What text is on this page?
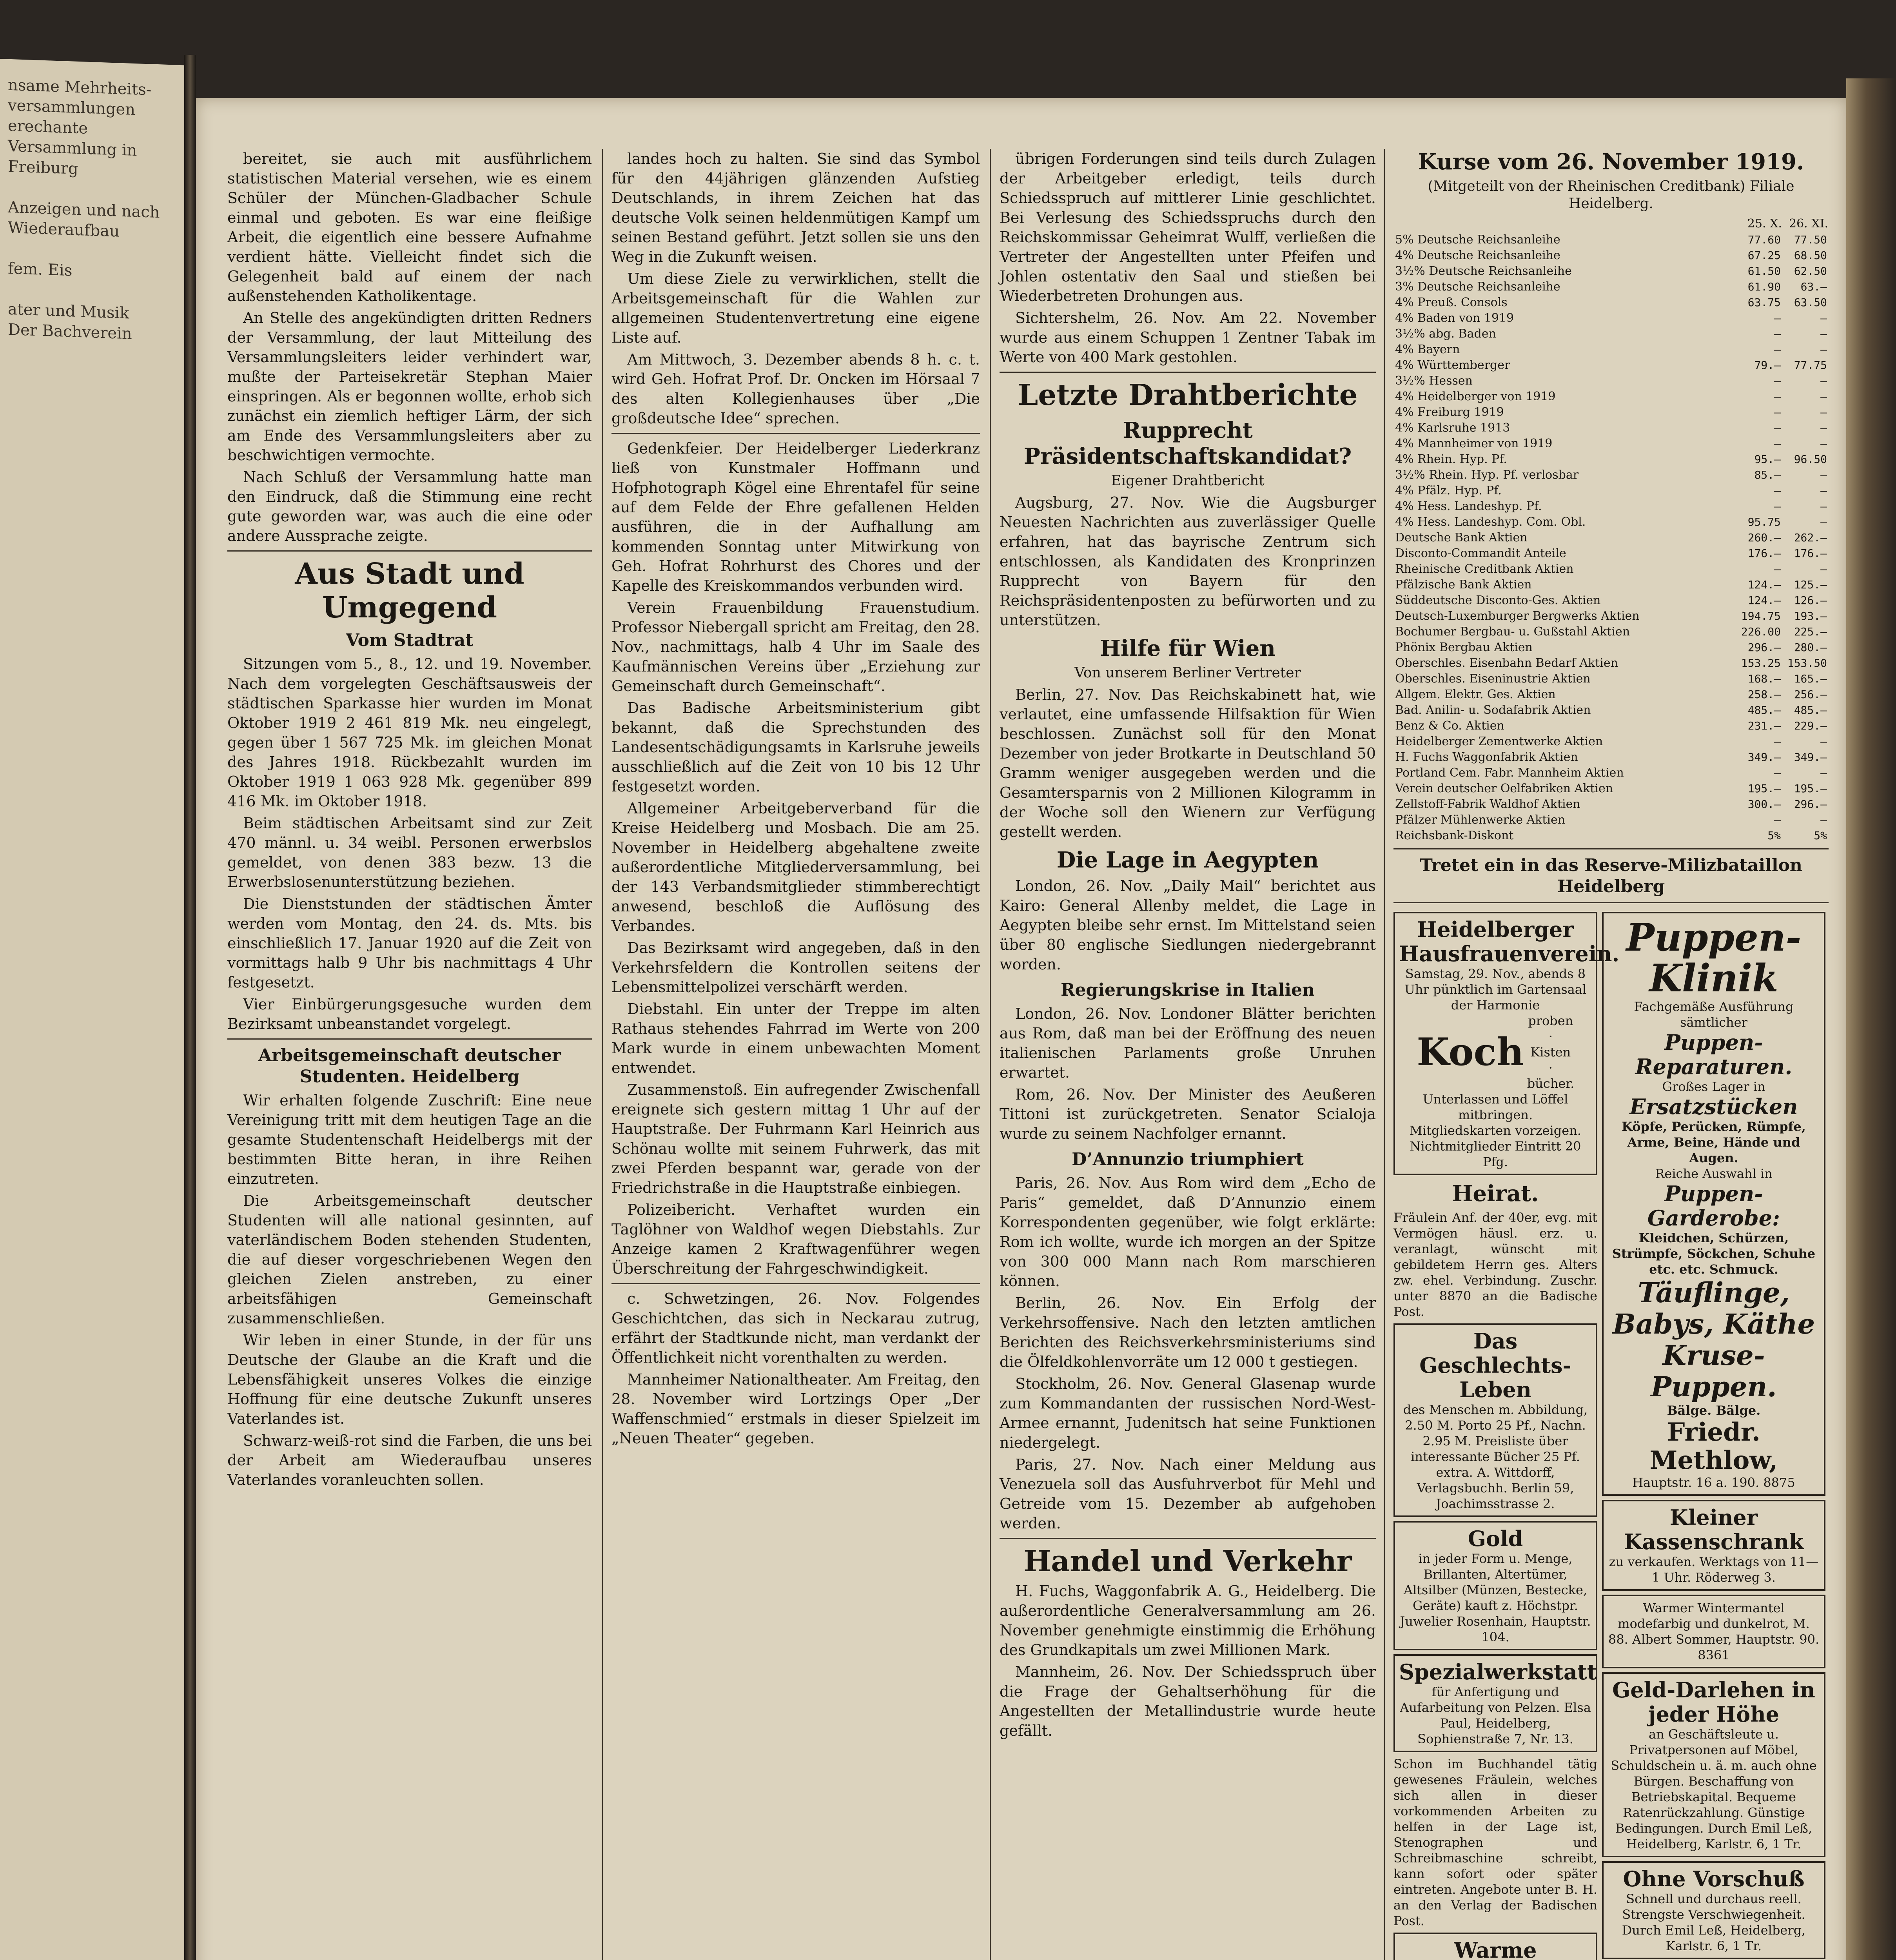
nsame Mehrheits-
versammlungen
erechante Versammlung in Freiburg

Anzeigen und nach
Wiederaufbau

fem. Eis

ater und Musik
Der Bachverein

bereitet, sie auch mit ausführlichem statistischen Material versehen, wie es einem Schüler der München-Gladbacher Schule einmal und geboten. Es war eine fleißige Arbeit, die eigentlich eine bessere Aufnahme verdient hätte. Vielleicht findet sich die Gelegenheit bald auf einem der nach außenstehenden Katholikentage.

An Stelle des angekündigten dritten Redners der Versammlung, der laut Mitteilung des Versammlungsleiters leider verhindert war, mußte der Parteisekretär Stephan Maier einspringen. Als er begonnen wollte, erhob sich zunächst ein ziemlich heftiger Lärm, der sich am Ende des Versammlungsleiters aber zu beschwichtigen vermochte.

Nach Schluß der Versammlung hatte man den Eindruck, daß die Stimmung eine recht gute geworden war, was auch die eine oder andere Aussprache zeigte.

Aus Stadt und Umgegend
Vom Stadtrat

Sitzungen vom 5., 8., 12. und 19. November. Nach dem vorgelegten Geschäftsausweis der städtischen Sparkasse hier wurden im Monat Oktober 1919 2 461 819 Mk. neu eingelegt, gegen über 1 567 725 Mk. im gleichen Monat des Jahres 1918. Rückbezahlt wurden im Oktober 1919 1 063 928 Mk. gegenüber 899 416 Mk. im Oktober 1918.

Beim städtischen Arbeitsamt sind zur Zeit 470 männl. u. 34 weibl. Personen erwerbslos gemeldet, von denen 383 bezw. 13 die Erwerbslosenunterstützung beziehen.

Die Dienststunden der städtischen Ämter werden vom Montag, den 24. ds. Mts. bis einschließlich 17. Januar 1920 auf die Zeit von vormittags halb 9 Uhr bis nachmittags 4 Uhr festgesetzt.

Vier Einbürgerungsgesuche wurden dem Bezirksamt unbeanstandet vorgelegt.

Arbeitsgemeinschaft deutscher Studenten. Heidelberg

Wir erhalten folgende Zuschrift: Eine neue Vereinigung tritt mit dem heutigen Tage an die gesamte Studentenschaft Heidelbergs mit der bestimmten Bitte heran, in ihre Reihen einzutreten.

Die Arbeitsgemeinschaft deutscher Studenten will alle national gesinnten, auf vaterländischem Boden stehenden Studenten, die auf dieser vorgeschriebenen Wegen den gleichen Zielen anstreben, zu einer arbeitsfähigen Gemeinschaft zusammenschließen.

Wir leben in einer Stunde, in der für uns Deutsche der Glaube an die Kraft und die Lebensfähigkeit unseres Volkes die einzige Hoffnung für eine deutsche Zukunft unseres Vaterlandes ist.

Schwarz-weiß-rot sind die Farben, die uns bei der Arbeit am Wiederaufbau unseres Vaterlandes voranleuchten sollen.

landes hoch zu halten. Sie sind das Symbol für den 44jährigen glänzenden Aufstieg Deutschlands, in ihrem Zeichen hat das deutsche Volk seinen heldenmütigen Kampf um seinen Bestand geführt. Jetzt sollen sie uns den Weg in die Zukunft weisen.

Um diese Ziele zu verwirklichen, stellt die Arbeitsgemeinschaft für die Wahlen zur allgemeinen Studentenvertretung eine eigene Liste auf.

Am Mittwoch, 3. Dezember abends 8 h. c. t. wird Geh. Hofrat Prof. Dr. Oncken im Hörsaal 7 des alten Kollegienhauses über „Die großdeutsche Idee“ sprechen.

Gedenkfeier. Der Heidelberger Liederkranz ließ von Kunstmaler Hoffmann und Hofphotograph Kögel eine Ehrentafel für seine auf dem Felde der Ehre gefallenen Helden ausführen, die in der Aufhallung am kommenden Sonntag unter Mitwirkung von Geh. Hofrat Rohrhurst des Chores und der Kapelle des Kreiskommandos verbunden wird.

Verein Frauenbildung Frauenstudium. Professor Niebergall spricht am Freitag, den 28. Nov., nachmittags, halb 4 Uhr im Saale des Kaufmännischen Vereins über „Erziehung zur Gemeinschaft durch Gemeinschaft“.

Das Badische Arbeitsministerium gibt bekannt, daß die Sprechstunden des Landesentschädigungsamts in Karlsruhe jeweils ausschließlich auf die Zeit von 10 bis 12 Uhr festgesetzt worden.

Allgemeiner Arbeitgeberverband für die Kreise Heidelberg und Mosbach. Die am 25. November in Heidelberg abgehaltene zweite außerordentliche Mitgliederversammlung, bei der 143 Verbandsmitglieder stimmberechtigt anwesend, beschloß die Auflösung des Verbandes.

Das Bezirksamt wird angegeben, daß in den Verkehrsfeldern die Kontrollen seitens der Lebensmittelpolizei verschärft werden.

Diebstahl. Ein unter der Treppe im alten Rathaus stehendes Fahrrad im Werte von 200 Mark wurde in einem unbewachten Moment entwendet.

Zusammenstoß. Ein aufregender Zwischenfall ereignete sich gestern mittag 1 Uhr auf der Hauptstraße. Der Fuhrmann Karl Heinrich aus Schönau wollte mit seinem Fuhrwerk, das mit zwei Pferden bespannt war, gerade von der Friedrichstraße in die Hauptstraße einbiegen.

Polizeibericht. Verhaftet wurden ein Taglöhner von Waldhof wegen Diebstahls. Zur Anzeige kamen 2 Kraftwagenführer wegen Überschreitung der Fahrgeschwindigkeit.

c. Schwetzingen, 26. Nov. Folgendes Geschichtchen, das sich in Neckarau zutrug, erfährt der Stadtkunde nicht, man verdankt der Öffentlichkeit nicht vorenthalten zu werden.

Mannheimer Nationaltheater. Am Freitag, den 28. November wird Lortzings Oper „Der Waffenschmied“ erstmals in dieser Spielzeit im „Neuen Theater“ gegeben.

übrigen Forderungen sind teils durch Zulagen der Arbeitgeber erledigt, teils durch Schiedsspruch auf mittlerer Linie geschlichtet. Bei Verlesung des Schiedsspruchs durch den Reichskommissar Geheimrat Wulff, verließen die Vertreter der Angestellten unter Pfeifen und Johlen ostentativ den Saal und stießen bei Wiederbetreten Drohungen aus.

Sichtershelm, 26. Nov. Am 22. November wurde aus einem Schuppen 1 Zentner Tabak im Werte von 400 Mark gestohlen.

Letzte Drahtberichte
Rupprecht Präsidentschaftskandidat?
Eigener Drahtbericht

Augsburg, 27. Nov. Wie die Augsburger Neuesten Nachrichten aus zuverlässiger Quelle erfahren, hat das bayrische Zentrum sich entschlossen, als Kandidaten des Kronprinzen Rupprecht von Bayern für den Reichspräsidentenposten zu befürworten und zu unterstützen.

Hilfe für Wien
Von unserem Berliner Vertreter

Berlin, 27. Nov. Das Reichskabinett hat, wie verlautet, eine umfassende Hilfsaktion für Wien beschlossen. Zunächst soll für den Monat Dezember von jeder Brotkarte in Deutschland 50 Gramm weniger ausgegeben werden und die Gesamtersparnis von 2 Millionen Kilogramm in der Woche soll den Wienern zur Verfügung gestellt werden.

Die Lage in Aegypten

London, 26. Nov. „Daily Mail“ berichtet aus Kairo: General Allenby meldet, die Lage in Aegypten bleibe sehr ernst. Im Mittelstand seien über 80 englische Siedlungen niedergebrannt worden.

Regierungskrise in Italien

London, 26. Nov. Londoner Blätter berichten aus Rom, daß man bei der Eröffnung des neuen italienischen Parlaments große Unruhen erwartet.

Rom, 26. Nov. Der Minister des Aeußeren Tittoni ist zurückgetreten. Senator Scialoja wurde zu seinem Nachfolger ernannt.

D’Annunzio triumphiert

Paris, 26. Nov. Aus Rom wird dem „Echo de Paris“ gemeldet, daß D’Annunzio einem Korrespondenten gegenüber, wie folgt erklärte: Rom ich wollte, wurde ich morgen an der Spitze von 300 000 Mann nach Rom marschieren können.

Berlin, 26. Nov. Ein Erfolg der Verkehrsoffensive. Nach den letzten amtlichen Berichten des Reichsverkehrsministeriums sind die Ölfeldkohlenvorräte um 12 000 t gestiegen.

Stockholm, 26. Nov. General Glasenap wurde zum Kommandanten der russischen Nord-West-Armee ernannt, Judenitsch hat seine Funktionen niedergelegt.

Paris, 27. Nov. Nach einer Meldung aus Venezuela soll das Ausfuhrverbot für Mehl und Getreide vom 15. Dezember ab aufgehoben werden.

Handel und Verkehr

H. Fuchs, Waggonfabrik A. G., Heidelberg. Die außerordentliche Generalversammlung am 26. November genehmigte einstimmig die Erhöhung des Grundkapitals um zwei Millionen Mark.

Mannheim, 26. Nov. Der Schiedsspruch über die Frage der Gehaltserhöhung für die Angestellten der Metallindustrie wurde heute gefällt.

Kurse vom 26. November 1919.
(Mitgeteilt von der Rheinischen Creditbank) Filiale Heidelberg.
	25. X.	26. XI.
5% Deutsche Reichsanleihe	77.60	77.50
4% Deutsche Reichsanleihe	67.25	68.50
3½% Deutsche Reichsanleihe	61.50	62.50
3% Deutsche Reichsanleihe	61.90	63.—
4% Preuß. Consols	63.75	63.50
4% Baden von 1919	—	—
3½% abg. Baden	—	—
4% Bayern	—	—
4% Württemberger	79.—	77.75
3½% Hessen	—	—
4% Heidelberger von 1919	—	—
4% Freiburg 1919	—	—
4% Karlsruhe 1913	—	—
4% Mannheimer von 1919	—	—
4% Rhein. Hyp. Pf.	95.—	96.50
3½% Rhein. Hyp. Pf. verlosbar	85.—	—
4% Pfälz. Hyp. Pf.	—	—
4% Hess. Landeshyp. Pf.	—	—
4% Hess. Landeshyp. Com. Obl.	95.75	—
Deutsche Bank Aktien	260.—	262.—
Disconto-Commandit Anteile	176.—	176.—
Rheinische Creditbank Aktien	—	—
Pfälzische Bank Aktien	124.—	125.—
Süddeutsche Disconto-Ges. Aktien	124.—	126.—
Deutsch-Luxemburger Bergwerks Aktien	194.75	193.—
Bochumer Bergbau- u. Gußstahl Aktien	226.00	225.—
Phönix Bergbau Aktien	296.—	280.—
Oberschles. Eisenbahn Bedarf Aktien	153.25	153.50
Oberschles. Eiseninustrie Aktien	168.—	165.—
Allgem. Elektr. Ges. Aktien	258.—	256.—
Bad. Anilin- u. Sodafabrik Aktien	485.—	485.—
Benz & Co. Aktien	231.—	229.—
Heidelberger Zementwerke Aktien	—	—
H. Fuchs Waggonfabrik Aktien	349.—	349.—
Portland Cem. Fabr. Mannheim Aktien	—	—
Verein deutscher Oelfabriken Aktien	195.—	195.—
Zellstoff-Fabrik Waldhof Aktien	300.—	296.—
Pfälzer Mühlenwerke Aktien	—	—
Reichsbank-Diskont	5%	5%
Tretet ein in das Reserve-Milizbataillon Heidelberg
Heidelberger Hausfrauenverein.
Samstag, 29. Nov., abends 8 Uhr pünktlich im Gartensaal der Harmonie
Koch
proben · Kisten · bücher.
Unterlassen und Löffel mitbringen.
Mitgliedskarten vorzeigen. Nichtmitglieder Eintritt 20 Pfg.
Heirat.
Fräulein Anf. der 40er, evg. mit Vermögen häusl. erz. u. veranlagt, wünscht mit gebildetem Herrn ges. Alters zw. ehel. Verbindung. Zuschr. unter 8870 an die Badische Post.
Das Geschlechts-Leben
des Menschen m. Abbildung, 2.50 M. Porto 25 Pf., Nachn. 2.95 M. Preisliste über interessante Bücher 25 Pf. extra. A. Wittdorff, Verlagsbuchh. Berlin 59, Joachimsstrasse 2.
Gold
in jeder Form u. Menge, Brillanten, Altertümer, Altsilber (Münzen, Bestecke, Geräte) kauft z. Höchstpr. Juwelier Rosenhain, Hauptstr. 104.
Spezialwerkstatt
für Anfertigung und Aufarbeitung von Pelzen. Elsa Paul, Heidelberg, Sophienstraße 7, Nr. 13.
Schon im Buchhandel tätig gewesenes Fräulein, welches sich allen in dieser vorkommenden Arbeiten zu helfen in der Lage ist, Stenographen und Schreibmaschine schreibt, kann sofort oder später eintreten. Angebote unter B. H. an den Verlag der Badischen Post.
Warme
Puppen-Klinik
Fachgemäße Ausführung sämtlicher
Puppen-Reparaturen.
Großes Lager in
Ersatzstücken
Köpfe, Perücken, Rümpfe, Arme, Beine, Hände und Augen.
Reiche Auswahl in
Puppen-Garderobe:
Kleidchen, Schürzen, Strümpfe, Söckchen, Schuhe etc. etc. Schmuck.
Täuflinge, Babys, Käthe Kruse-Puppen.
Bälge. Bälge.
Friedr. Methlow,
Hauptstr. 16 a. 190. 8875
Kleiner Kassenschrank
zu verkaufen. Werktags von 11—1 Uhr. Röderweg 3.
Warmer Wintermantel modefarbig und dunkelrot, M. 88. Albert Sommer, Hauptstr. 90. 8361
Geld-Darlehen in jeder Höhe
an Geschäftsleute u. Privatpersonen auf Möbel, Schuldschein u. ä. m. auch ohne Bürgen. Beschaffung von Betriebskapital. Bequeme Ratenrückzahlung. Günstige Bedingungen. Durch Emil Leß, Heidelberg, Karlstr. 6, 1 Tr.
Ohne Vorschuß
Schnell und durchaus reell. Strengste Verschwiegenheit. Durch Emil Leß, Heidelberg, Karlstr. 6, 1 Tr.
